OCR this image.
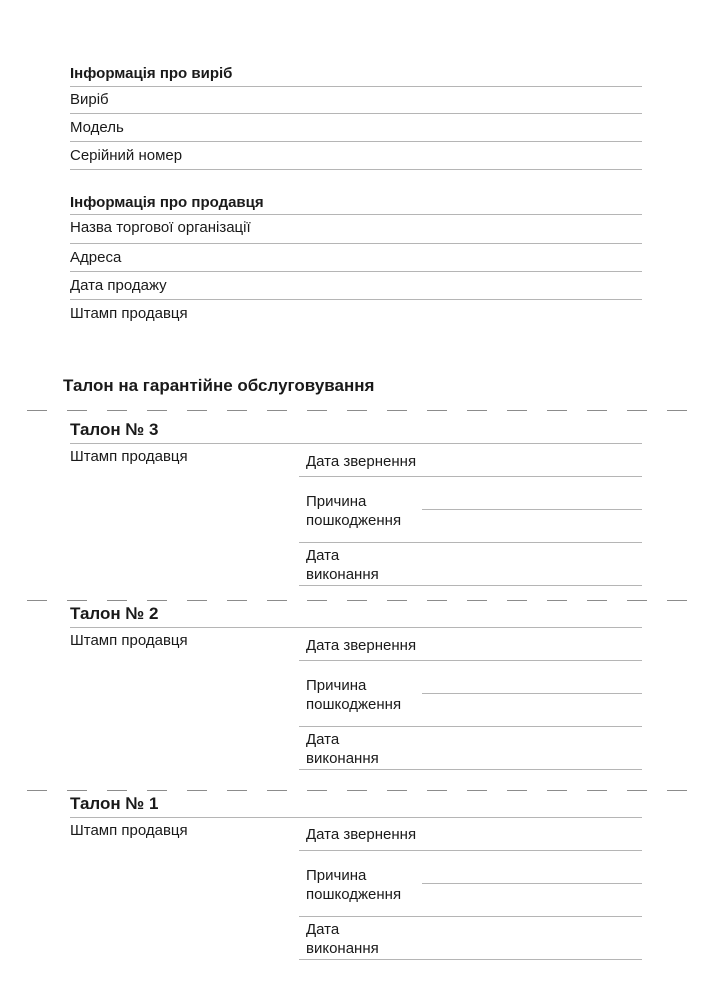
Інформація про виріб
Виріб
Модель
Серійний номер
Інформація про продавця
Назва торгової організації
Адреса
Дата продажу
Штамп продавця
Талон на гарантійне обслуговування
Талон № 3
Штамп продавця	Дата звернення
Причина
пошкодження
Дата
виконання
Талон № 2
Штамп продавця	Дата звернення
Причина
пошкодження
Дата
виконання
Талон № 1
Штамп продавця	Дата звернення
Причина
пошкодження
Дата
виконання
